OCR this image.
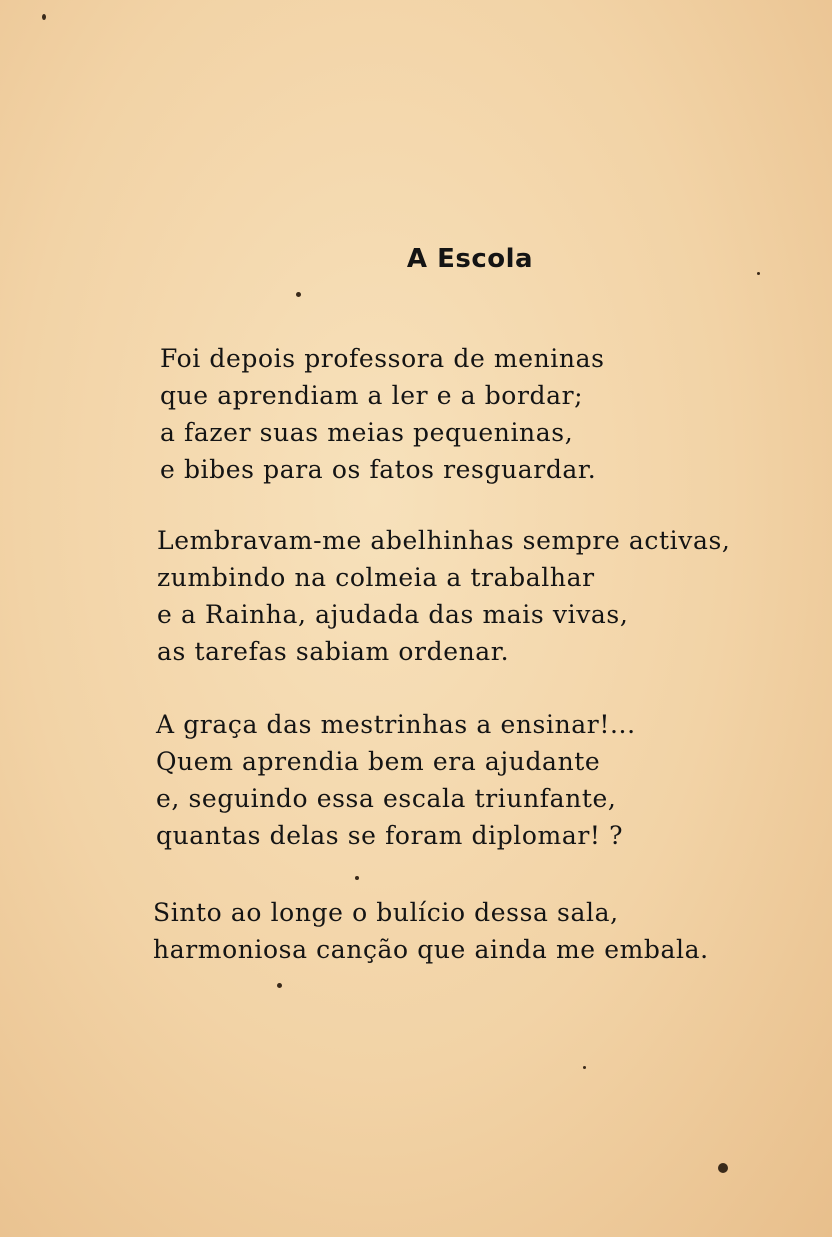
A Escola
Foi depois professora de meninas
que aprendiam a ler e a bordar;
a fazer suas meias pequeninas,
e bibes para os fatos resguardar.
Lembravam-me abelhinhas sempre activas,
zumbindo na colmeia a trabalhar
e a Rainha, ajudada das mais vivas,
as tarefas sabiam ordenar.
A graça das mestrinhas a ensinar!...
Quem aprendia bem era ajudante
e, seguindo essa escala triunfante,
quantas delas se foram diplomar! ?
Sinto ao longe o bulício dessa sala,
harmoniosa canção que ainda me embala.
